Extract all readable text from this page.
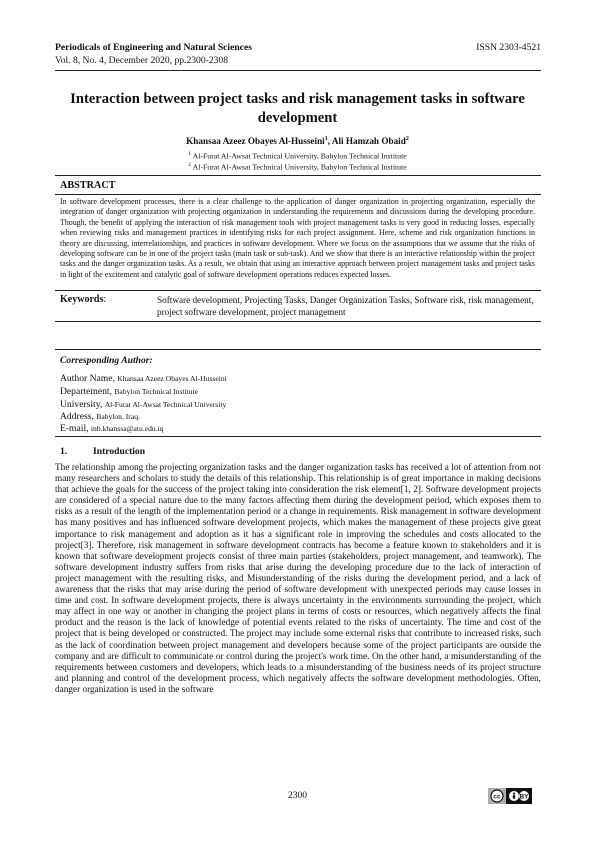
Periodicals of Engineering and Natural Sciences	ISSN 2303-4521
Vol. 8, No. 4, December 2020, pp.2300-2308
Interaction between project tasks and risk management tasks in software development
Khansaa Azeez Obayes Al-Husseini$^1$, Ali Hamzah Obaid$^2$
$^1$ Al-Furat Al-Awsat Technical University, Babylon Technical Institute
$^2$ Al-Furat Al-Awsat Technical University, Babylon Technical Institute
ABSTRACT
In software development processes, there is a clear challenge to the application of danger organization in projecting organization, especially the integration of danger organization with projecting organization in understanding the requirements and discussions during the developing procedure. Though, the benefit of applying the interaction of risk management tools with project management tasks is very good in reducing losses, especially when reviewing risks and management practices in identifying risks for each project assignment. Here, scheme and risk organization functions in theory are discussing, interrelationships, and practices in software development. Where we focus on the assumptions that we assume that the risks of developing software can be in one of the project tasks (main task or sub-task). And we show that there is an interactive relationship within the project tasks and the danger organization tasks. As a result, we obtain that using an interactive approach between project management tasks and project tasks in light of the excitement and catalytic goal of software development operations reduces expected losses.
Keywords:	Software development, Projecting Tasks, Danger Organization Tasks, Software risk, risk management, project software development, project management
Corresponding Author:
Author Name, Khansaa Azeez Obayes Al-Husseini
Departement, Babylon Technical Institute
University, Al-Furat Al-Awsat Technical University
Address, Babylon, Iraq.
E-mail, inb.khanssa@atu.edu.iq
1.	Introduction
The relationship among the projecting organization tasks and the danger organization tasks has received a lot of attention from not many researchers and scholars to study the details of this relationship. This relationship is of great importance in making decisions that achieve the goals for the success of the project taking into consideration the risk element[1, 2]. Software development projects are considered of a special nature due to the many factors affecting them during the development period, which exposes them to risks as a result of the length of the implementation period or a change in requirements. Risk management in software development has many positives and has influenced software development projects, which makes the management of these projects give great importance to risk management and adoption as it has a significant role in improving the schedules and costs allocated to the project[3]. Therefore, risk management in software development contracts has become a feature known to stakeholders and it is known that software development projects consist of three main parties (stakeholders, project management, and teamwork). The software development industry suffers from risks that arise during the developing procedure due to the lack of interaction of project management with the resulting risks, and Misunderstanding of the risks during the development period, and a lack of awareness that the risks that may arise during the period of software development with unexpected periods may cause losses in time and cost. In software development projects, there is always uncertainty in the environments surrounding the project, which may affect in one way or another in changing the project plans in terms of costs or resources, which negatively affects the final product and the reason is the lack of knowledge of potential events related to the risks of uncertainty. The time and cost of the project that is being developed or constructed. The project may include some external risks that contribute to increased risks, such as the lack of coordination between project management and developers because some of the project participants are outside the company and are difficult to communicate or control during the project's work time. On the other hand, a misunderstanding of the requirements between customers and developers, which leads to a misunderstanding of the business needs of its project structure and planning and control of the development process, which negatively affects the software development methodologies. Often, danger organization is used in the software
2300	cc	BY
